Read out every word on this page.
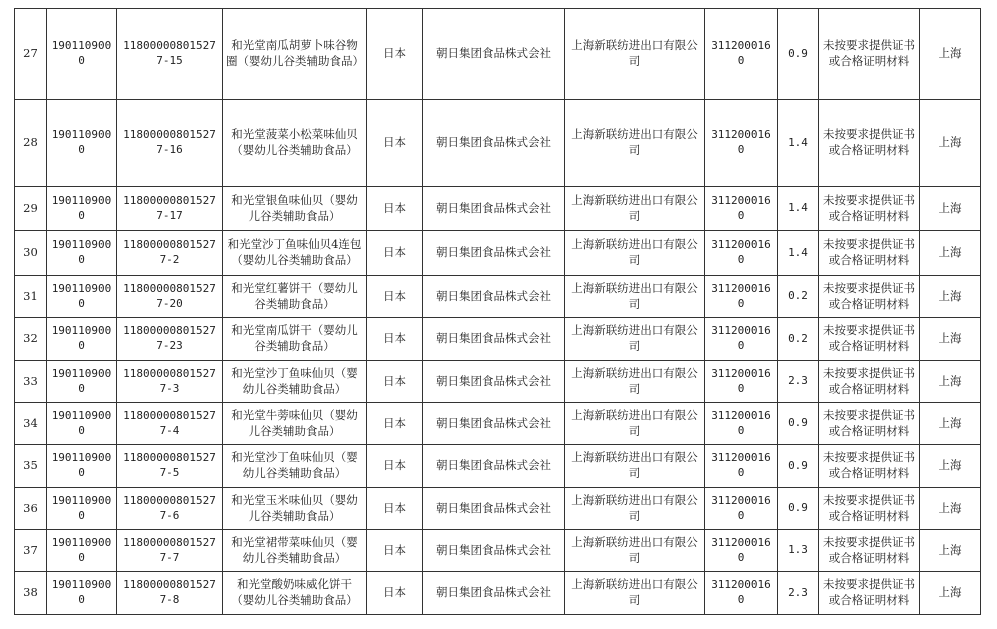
27	1901109000	118000008015277-15	和光堂南瓜胡萝卜味谷物圈（婴幼儿谷类辅助食品）	日本	朝日集团食品株式会社	上海新联纺进出口有限公司	3112000160	0.9	未按要求提供证书或合格证明材料	上海
28	1901109000	118000008015277-16	和光堂菠菜小松菜味仙贝（婴幼儿谷类辅助食品）	日本	朝日集团食品株式会社	上海新联纺进出口有限公司	3112000160	1.4	未按要求提供证书或合格证明材料	上海
29	1901109000	118000008015277-17	和光堂银鱼味仙贝（婴幼儿谷类辅助食品）	日本	朝日集团食品株式会社	上海新联纺进出口有限公司	3112000160	1.4	未按要求提供证书或合格证明材料	上海
30	1901109000	118000008015277-2	和光堂沙丁鱼味仙贝4连包（婴幼儿谷类辅助食品）	日本	朝日集团食品株式会社	上海新联纺进出口有限公司	3112000160	1.4	未按要求提供证书或合格证明材料	上海
31	1901109000	118000008015277-20	和光堂红薯饼干（婴幼儿谷类辅助食品）	日本	朝日集团食品株式会社	上海新联纺进出口有限公司	3112000160	0.2	未按要求提供证书或合格证明材料	上海
32	1901109000	118000008015277-23	和光堂南瓜饼干（婴幼儿谷类辅助食品）	日本	朝日集团食品株式会社	上海新联纺进出口有限公司	3112000160	0.2	未按要求提供证书或合格证明材料	上海
33	1901109000	118000008015277-3	和光堂沙丁鱼味仙贝（婴幼儿谷类辅助食品）	日本	朝日集团食品株式会社	上海新联纺进出口有限公司	3112000160	2.3	未按要求提供证书或合格证明材料	上海
34	1901109000	118000008015277-4	和光堂牛蒡味仙贝（婴幼儿谷类辅助食品）	日本	朝日集团食品株式会社	上海新联纺进出口有限公司	3112000160	0.9	未按要求提供证书或合格证明材料	上海
35	1901109000	118000008015277-5	和光堂沙丁鱼味仙贝（婴幼儿谷类辅助食品）	日本	朝日集团食品株式会社	上海新联纺进出口有限公司	3112000160	0.9	未按要求提供证书或合格证明材料	上海
36	1901109000	118000008015277-6	和光堂玉米味仙贝（婴幼儿谷类辅助食品）	日本	朝日集团食品株式会社	上海新联纺进出口有限公司	3112000160	0.9	未按要求提供证书或合格证明材料	上海
37	1901109000	118000008015277-7	和光堂裙带菜味仙贝（婴幼儿谷类辅助食品）	日本	朝日集团食品株式会社	上海新联纺进出口有限公司	3112000160	1.3	未按要求提供证书或合格证明材料	上海
38	1901109000	118000008015277-8	和光堂酸奶味威化饼干（婴幼儿谷类辅助食品）	日本	朝日集团食品株式会社	上海新联纺进出口有限公司	3112000160	2.3	未按要求提供证书或合格证明材料	上海
